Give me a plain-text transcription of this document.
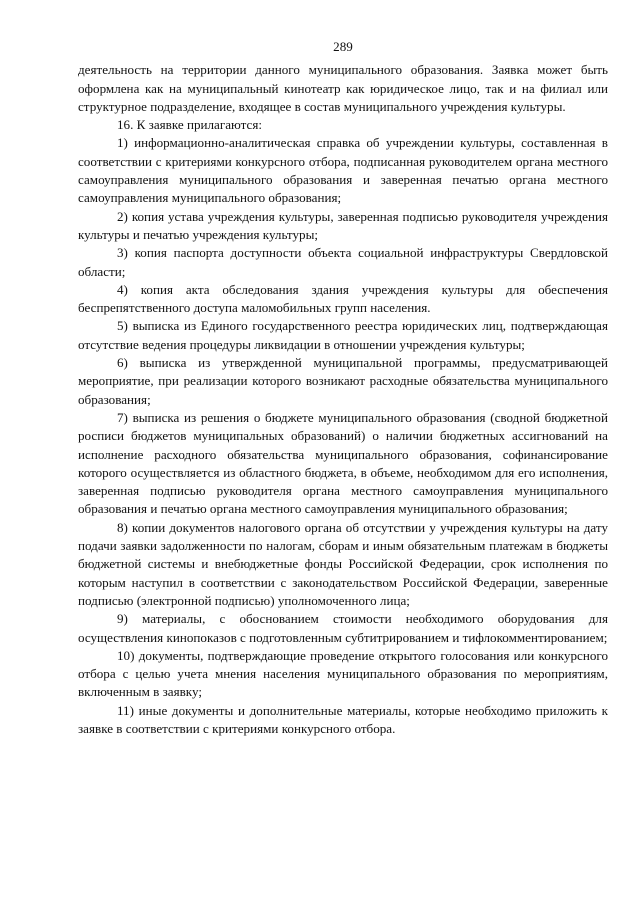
289

деятельность на территории данного муниципального образования. Заявка может быть оформлена как на муниципальный кинотеатр как юридическое лицо, так и на филиал или структурное подразделение, входящее в состав муниципального учреждения культуры.

16. К заявке прилагаются:

1) информационно-аналитическая справка об учреждении культуры, составленная в соответствии с критериями конкурсного отбора, подписанная руководителем органа местного самоуправления муниципального образования и заверенная печатью органа местного самоуправления муниципального образования;

2) копия устава учреждения культуры, заверенная подписью руководителя учреждения культуры и печатью учреждения культуры;

3) копия паспорта доступности объекта социальной инфраструктуры Свердловской области;

4) копия акта обследования здания учреждения культуры для обеспечения беспрепятственного доступа маломобильных групп населения.

5) выписка из Единого государственного реестра юридических лиц, подтверждающая отсутствие ведения процедуры ликвидации в отношении учреждения культуры;

6) выписка из утвержденной муниципальной программы, предусматривающей мероприятие, при реализации которого возникают расходные обязательства муниципального образования;

7) выписка из решения о бюджете муниципального образования (сводной бюджетной росписи бюджетов муниципальных образований) о наличии бюджетных ассигнований на исполнение расходного обязательства муниципального образования, софинансирование которого осуществляется из областного бюджета, в объеме, необходимом для его исполнения, заверенная подписью руководителя органа местного самоуправления муниципального образования и печатью органа местного самоуправления муниципального образования;

8) копии документов налогового органа об отсутствии у учреждения культуры на дату подачи заявки задолженности по налогам, сборам и иным обязательным платежам в бюджеты бюджетной системы и внебюджетные фонды Российской Федерации, срок исполнения по которым наступил в соответствии с законодательством Российской Федерации, заверенные подписью (электронной подписью) уполномоченного лица;

9) материалы, с обоснованием стоимости необходимого оборудования для осуществления кинопоказов с подготовленным субтитрированием и тифлокомментированием;

10) документы, подтверждающие проведение открытого голосования или конкурсного отбора с целью учета мнения населения муниципального образования по мероприятиям, включенным в заявку;

11) иные документы и дополнительные материалы, которые необходимо приложить к заявке в соответствии с критериями конкурсного отбора.
